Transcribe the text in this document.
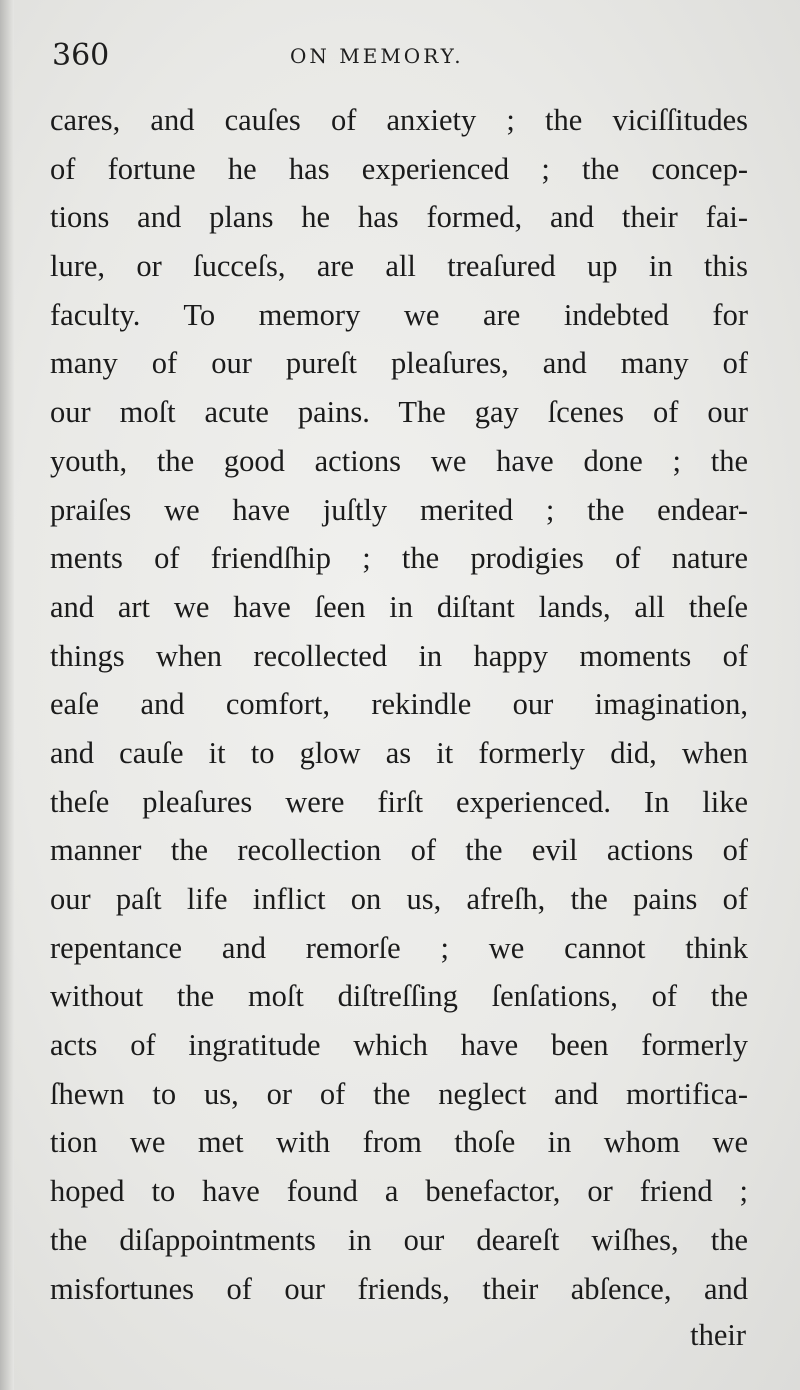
360	ON MEMORY.
cares, and cauſes of anxiety ; the viciſſitudes
of fortune he has experienced ; the concep-
tions and plans he has formed, and their fai-
lure, or ſucceſs, are all treaſured up in this
faculty. To memory we are indebted for
many of our pureſt pleaſures, and many of
our moſt acute pains. The gay ſcenes of our
youth, the good actions we have done ; the
praiſes we have juſtly merited ; the endear-
ments of friendſhip ; the prodigies of nature
and art we have ſeen in diſtant lands, all theſe
things when recollected in happy moments of
eaſe and comfort, rekindle our imagination,
and cauſe it to glow as it formerly did, when
theſe pleaſures were firſt experienced. In like
manner the recollection of the evil actions of
our paſt life inflict on us, afreſh, the pains of
repentance and remorſe ; we cannot think
without the moſt diſtreſſing ſenſations, of the
acts of ingratitude which have been formerly
ſhewn to us, or of the neglect and mortifica-
tion we met with from thoſe in whom we
hoped to have found a benefactor, or friend ;
the diſappointments in our deareſt wiſhes, the
misfortunes of our friends, their abſence, and
their
